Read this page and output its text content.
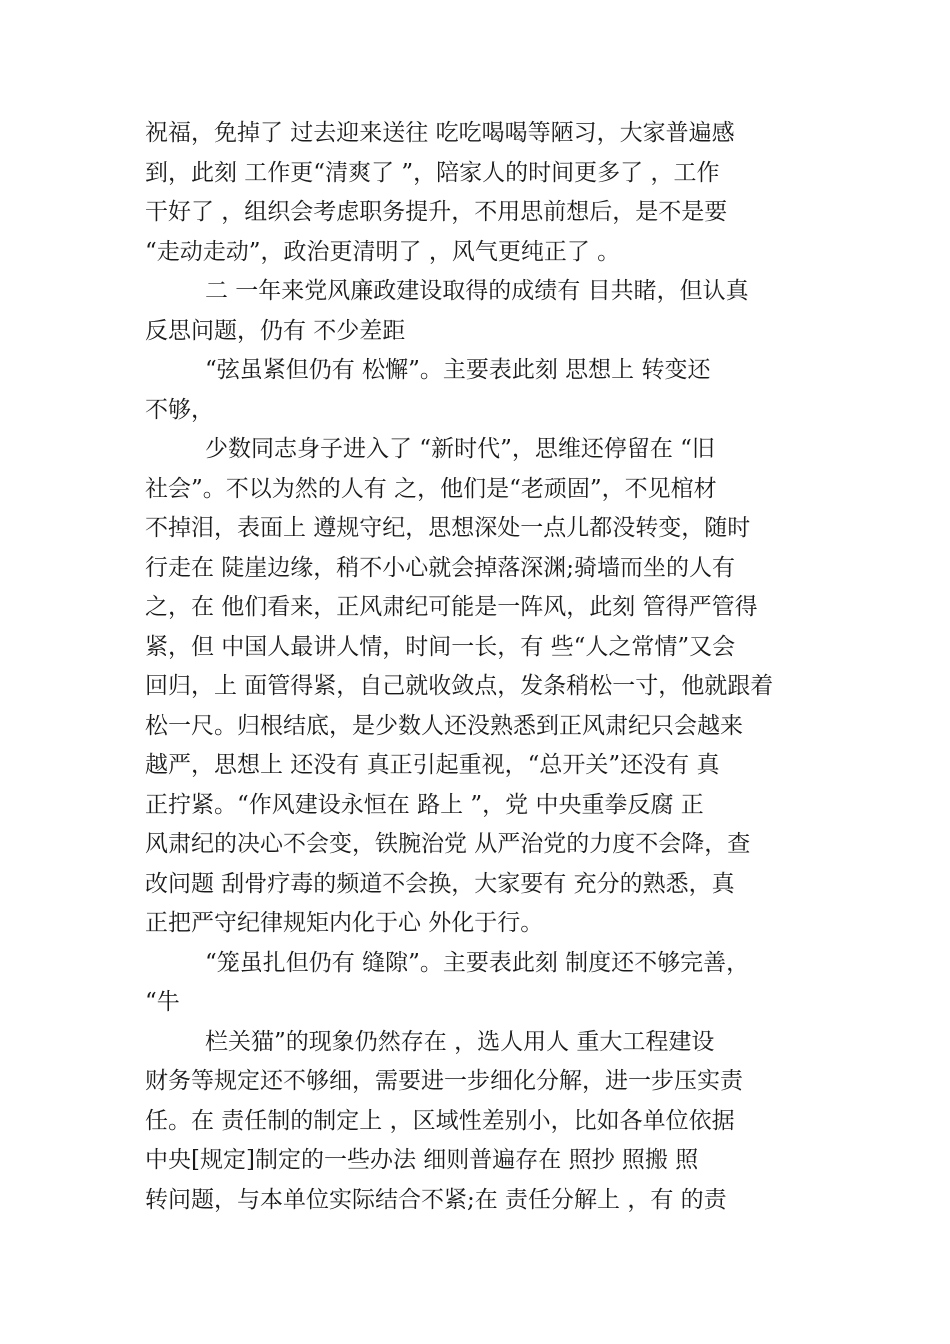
祝福，免掉了 过去迎来送往 吃吃喝喝等陋习，大家普遍感
到，此刻 工作更“清爽了 ”，陪家人的时间更多了 ，工作
干好了 ，组织会考虑职务提升，不用思前想后，是不是要
“走动走动”，政治更清明了 ，风气更纯正了 。
二 一年来党风廉政建设取得的成绩有 目共睹，但认真
反思问题，仍有 不少差距
“弦虽紧但仍有 松懈”。主要表此刻 思想上 转变还
不够，
少数同志身子进入了 “新时代”，思维还停留在 “旧
社会”。不以为然的人有 之，他们是“老顽固”，不见棺材
不掉泪，表面上 遵规守纪，思想深处一点儿都没转变，随时
行走在 陡崖边缘，稍不小心就会掉落深渊;骑墙而坐的人有
之，在 他们看来，正风肃纪可能是一阵风，此刻 管得严管得
紧，但 中国人最讲人情，时间一长，有 些“人之常情”又会
回归，上 面管得紧，自己就收敛点，发条稍松一寸，他就跟着
松一尺。归根结底，是少数人还没熟悉到正风肃纪只会越来
越严，思想上 还没有 真正引起重视，“总开关”还没有 真
正拧紧。“作风建设永恒在 路上 ”，党 中央重拳反腐 正
风肃纪的决心不会变，铁腕治党 从严治党的力度不会降，查
改问题 刮骨疗毒的频道不会换，大家要有 充分的熟悉，真
正把严守纪律规矩内化于心 外化于行。
“笼虽扎但仍有 缝隙”。主要表此刻 制度还不够完善，
“牛
栏关猫”的现象仍然存在 ，选人用人 重大工程建设
财务等规定还不够细，需要进一步细化分解，进一步压实责
任。在 责任制的制定上 ，区域性差别小，比如各单位依据
中央[规定]制定的一些办法 细则普遍存在 照抄 照搬 照
转问题，与本单位实际结合不紧;在 责任分解上 ，有 的责
